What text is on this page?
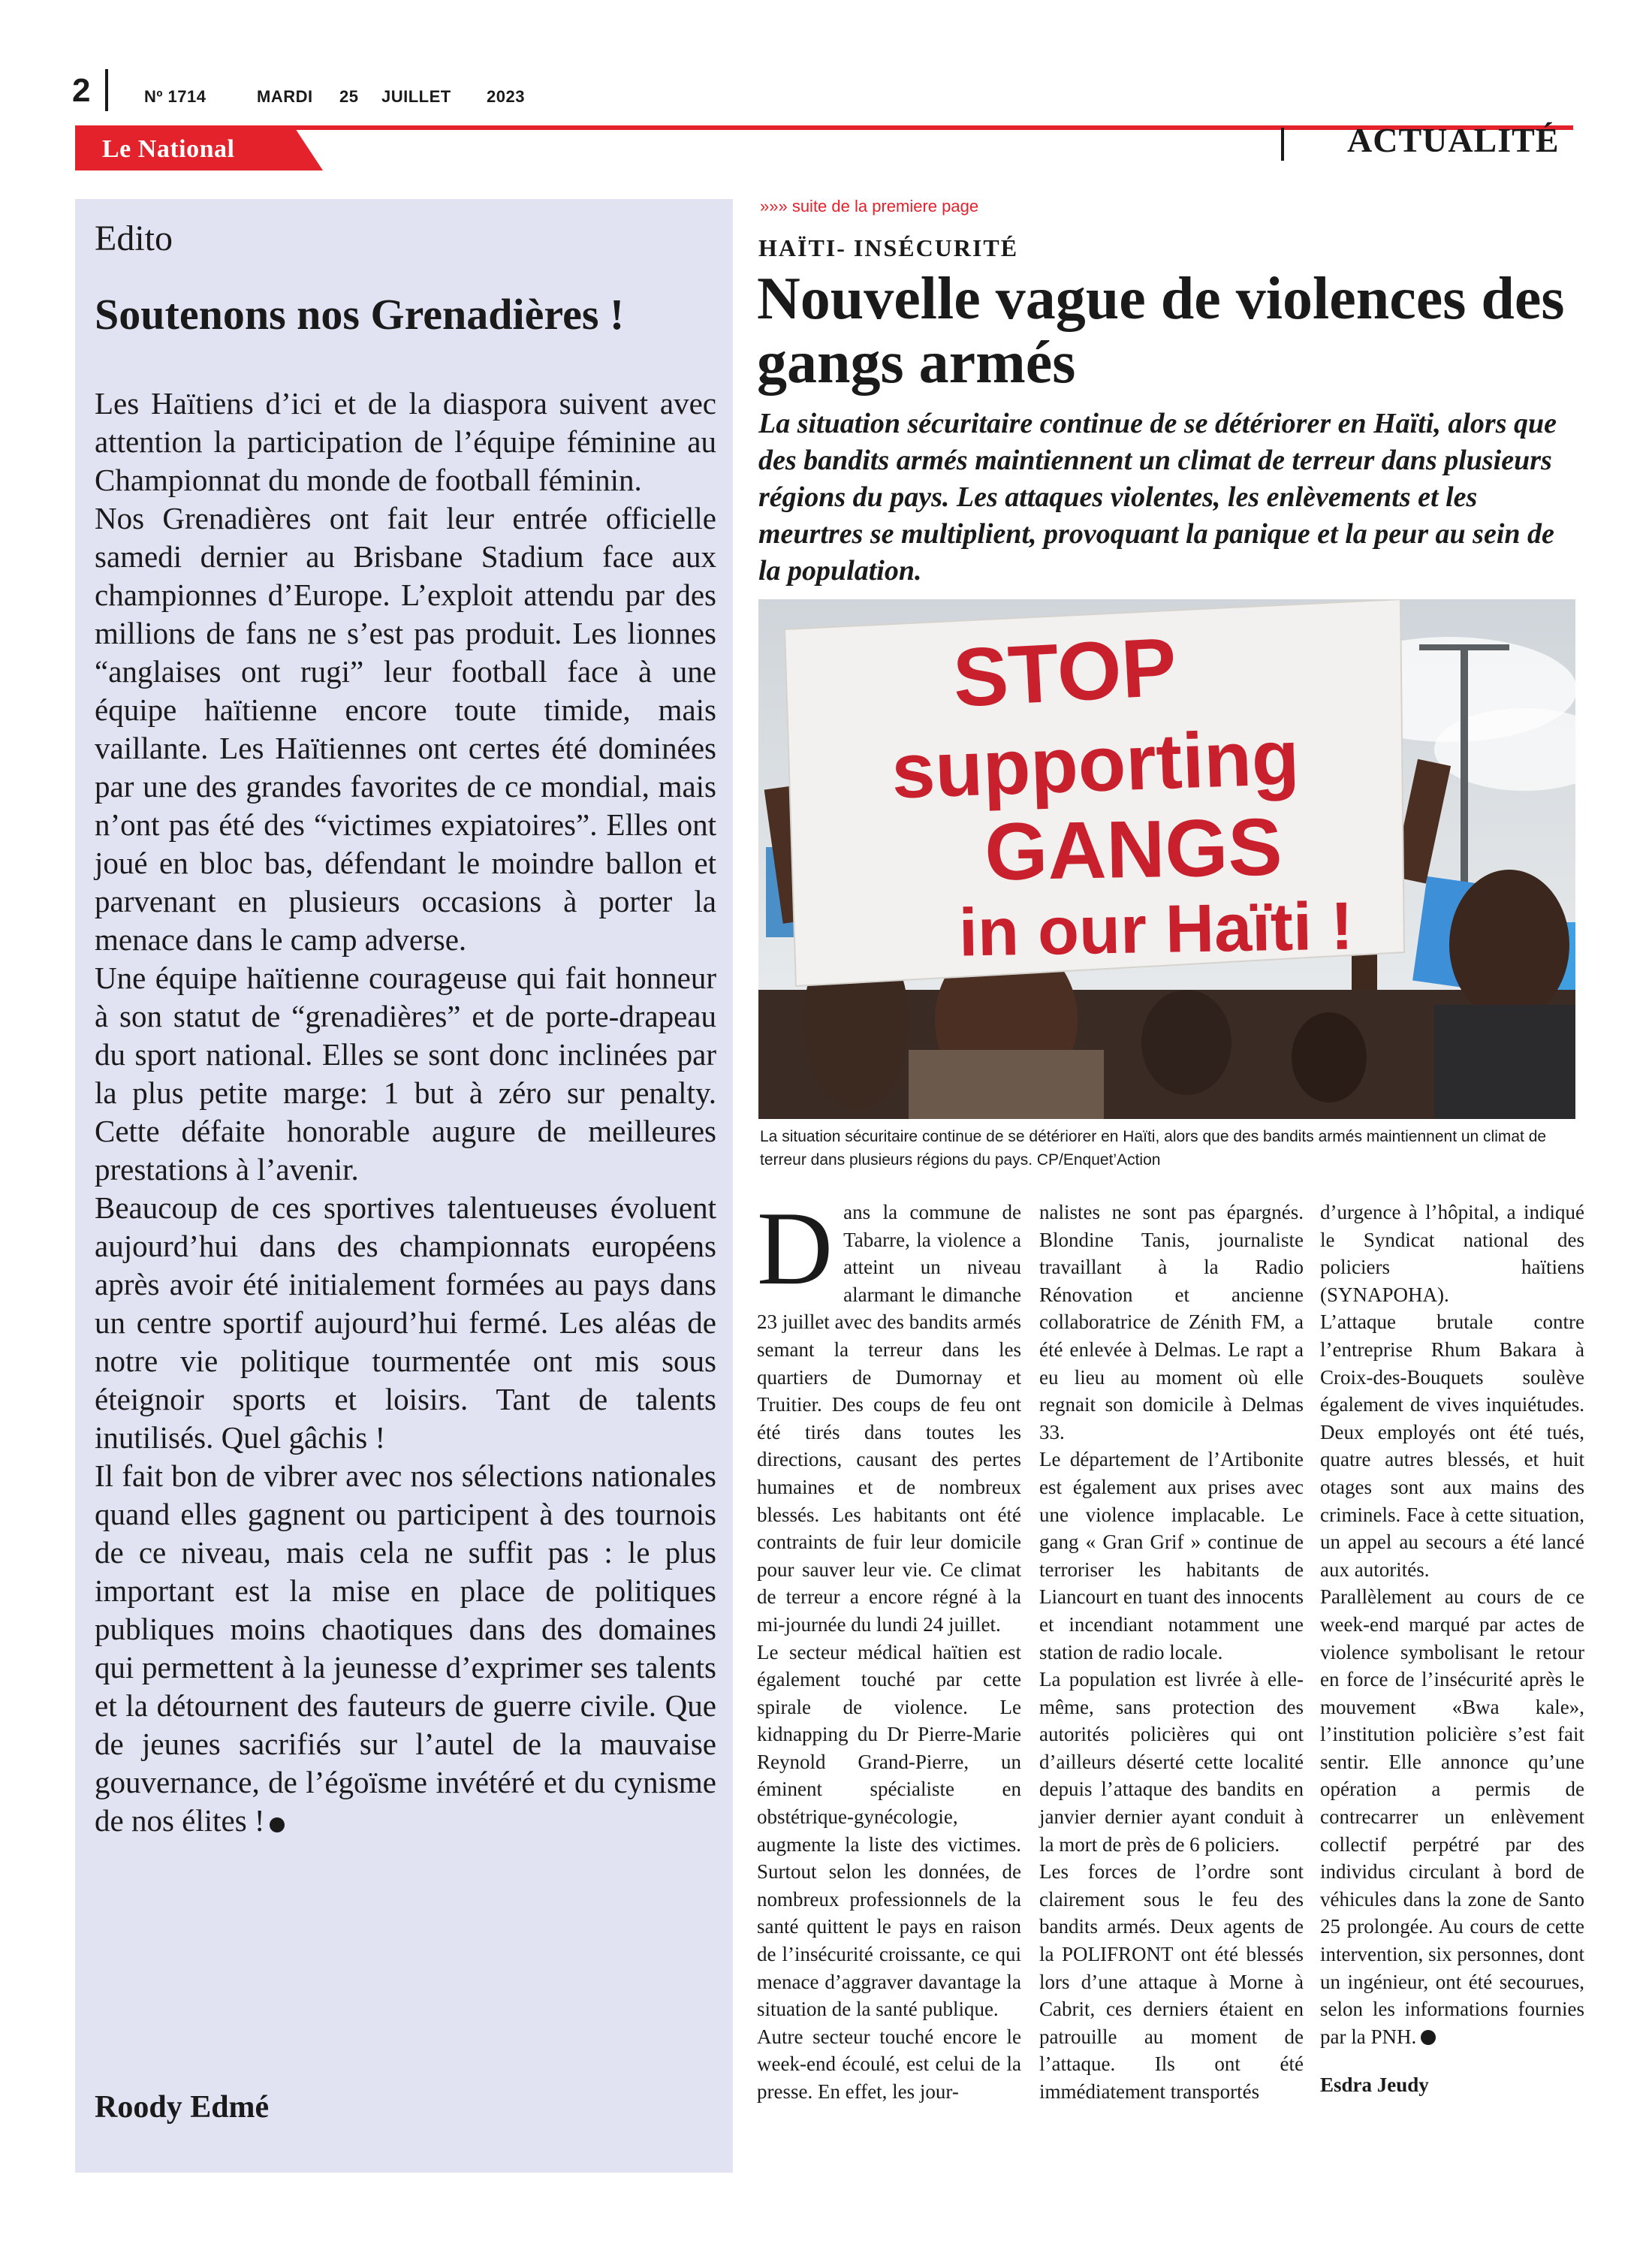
2	Nº 1714	MARDI 25 JUILLET 2023
Le National	ACTUALITÉ
Edito
Soutenons nos Grenadières !

Les Haïtiens d’ici et de la diaspora suivent avec attention la participation de l’équipe féminine au Championnat du monde de football féminin.

Nos Grenadières ont fait leur entrée officielle samedi dernier au Brisbane Stadium face aux championnes d’Europe. L’exploit attendu par des millions de fans ne s’est pas produit. Les lionnes “anglaises ont rugi” leur football face à une équipe haïtienne encore toute timide, mais vaillante. Les Haïtiennes ont certes été dominées par une des grandes favorites de ce mondial, mais n’ont pas été des “victimes expiatoires”. Elles ont joué en bloc bas, défendant le moindre ballon et parvenant en plusieurs occasions à porter la menace dans le camp adverse.

Une équipe haïtienne courageuse qui fait honneur à son statut de “grenadières” et de porte-drapeau du sport national. Elles se sont donc inclinées par la plus petite marge: 1 but à zéro sur penalty. Cette défaite honorable augure de meilleures prestations à l’avenir.

Beaucoup de ces sportives talentueuses évoluent aujourd’hui dans des championnats européens après avoir été initialement formées au pays dans un centre sportif aujourd’hui fermé. Les aléas de notre vie politique tourmentée ont mis sous éteignoir sports et loisirs. Tant de talents inutilisés. Quel gâchis !

Il fait bon de vibrer avec nos sélections nationales quand elles gagnent ou participent à des tournois de ce niveau, mais cela ne suffit pas : le plus important est la mise en place de politiques publiques moins chaotiques dans des domaines qui permettent à la jeunesse d’exprimer ses talents et la détournent des fauteurs de guerre civile. Que de jeunes sacrifiés sur l’autel de la mauvaise gouvernance, de l’égoïsme invétéré et du cynisme de nos élites !

Roody Edmé
»»» suite de la premiere page
HAÏTI- INSÉCURITÉ
Nouvelle vague de violences des gangs armés
La situation sécuritaire continue de se détériorer en Haïti, alors que des bandits armés maintiennent un climat de terreur dans plusieurs régions du pays. Les attaques violentes, les enlèvements et les meurtres se multiplient, provoquant la panique et la peur au sein de la population.
STOP
supporting
GANGS
in our Haïti !
La situation sécuritaire continue de se détériorer en Haïti, alors que des bandits armés maintiennent un climat de terreur dans plusieurs régions du pays. CP/Enquet’Action

Dans la commune de Tabarre, la violence a atteint un niveau alarmant le dimanche 23 juillet avec des bandits armés semant la terreur dans les quartiers de Dumornay et Truitier. Des coups de feu ont été tirés dans toutes les directions, causant des pertes humaines et de nombreux blessés. Les habitants ont été contraints de fuir leur domicile pour sauver leur vie. Ce climat de terreur a encore régné à la mi-journée du lundi 24 juillet.

Le secteur médical haïtien est également touché par cette spirale de violence. Le kidnapping du Dr Pierre-Marie Reynold Grand-Pierre, un éminent spécialiste en obstétrique-gynécologie, augmente la liste des victimes. Surtout selon les données, de nombreux professionnels de la santé quittent le pays en raison de l’insécurité croissante, ce qui menace d’aggraver davantage la situation de la santé publique.

Autre secteur touché encore le week-end écoulé, est celui de la presse. En effet, les jour-

nalistes ne sont pas épargnés. Blondine Tanis, journaliste travaillant à la Radio Rénovation et ancienne collaboratrice de Zénith FM, a été enlevée à Delmas. Le rapt a eu lieu au moment où elle regnait son domicile à Delmas 33.

Le département de l’Artibonite est également aux prises avec une violence implacable. Le gang « Gran Grif » continue de terroriser les habitants de Liancourt en tuant des innocents et incendiant notamment une station de radio locale.

La population est livrée à elle-même, sans protection des autorités policières qui ont d’ailleurs déserté cette localité depuis l’attaque des bandits en janvier dernier ayant conduit à la mort de près de 6 policiers.

Les forces de l’ordre sont clairement sous le feu des bandits armés. Deux agents de la POLIFRONT ont été blessés lors d’une attaque à Morne à Cabrit, ces derniers étaient en patrouille au moment de l’attaque. Ils ont été immédiatement transportés

d’urgence à l’hôpital, a indiqué le Syndicat national des policiers haïtiens (SYNAPOHA).

L’attaque brutale contre l’entreprise Rhum Bakara à Croix-des-Bouquets soulève également de vives inquiétudes. Deux employés ont été tués, quatre autres blessés, et huit otages sont aux mains des criminels. Face à cette situation, un appel au secours a été lancé aux autorités.

Parallèlement au cours de ce week-end marqué par actes de violence symbolisant le retour en force de l’insécurité après le mouvement «Bwa kale», l’institution policière s’est fait sentir. Elle annonce qu’une opération a permis de contrecarrer un enlèvement collectif perpétré par des individus circulant à bord de véhicules dans la zone de Santo 25 prolongée. Au cours de cette intervention, six personnes, dont un ingénieur, ont été secourues, selon les informations fournies par la PNH.

Esdra Jeudy
